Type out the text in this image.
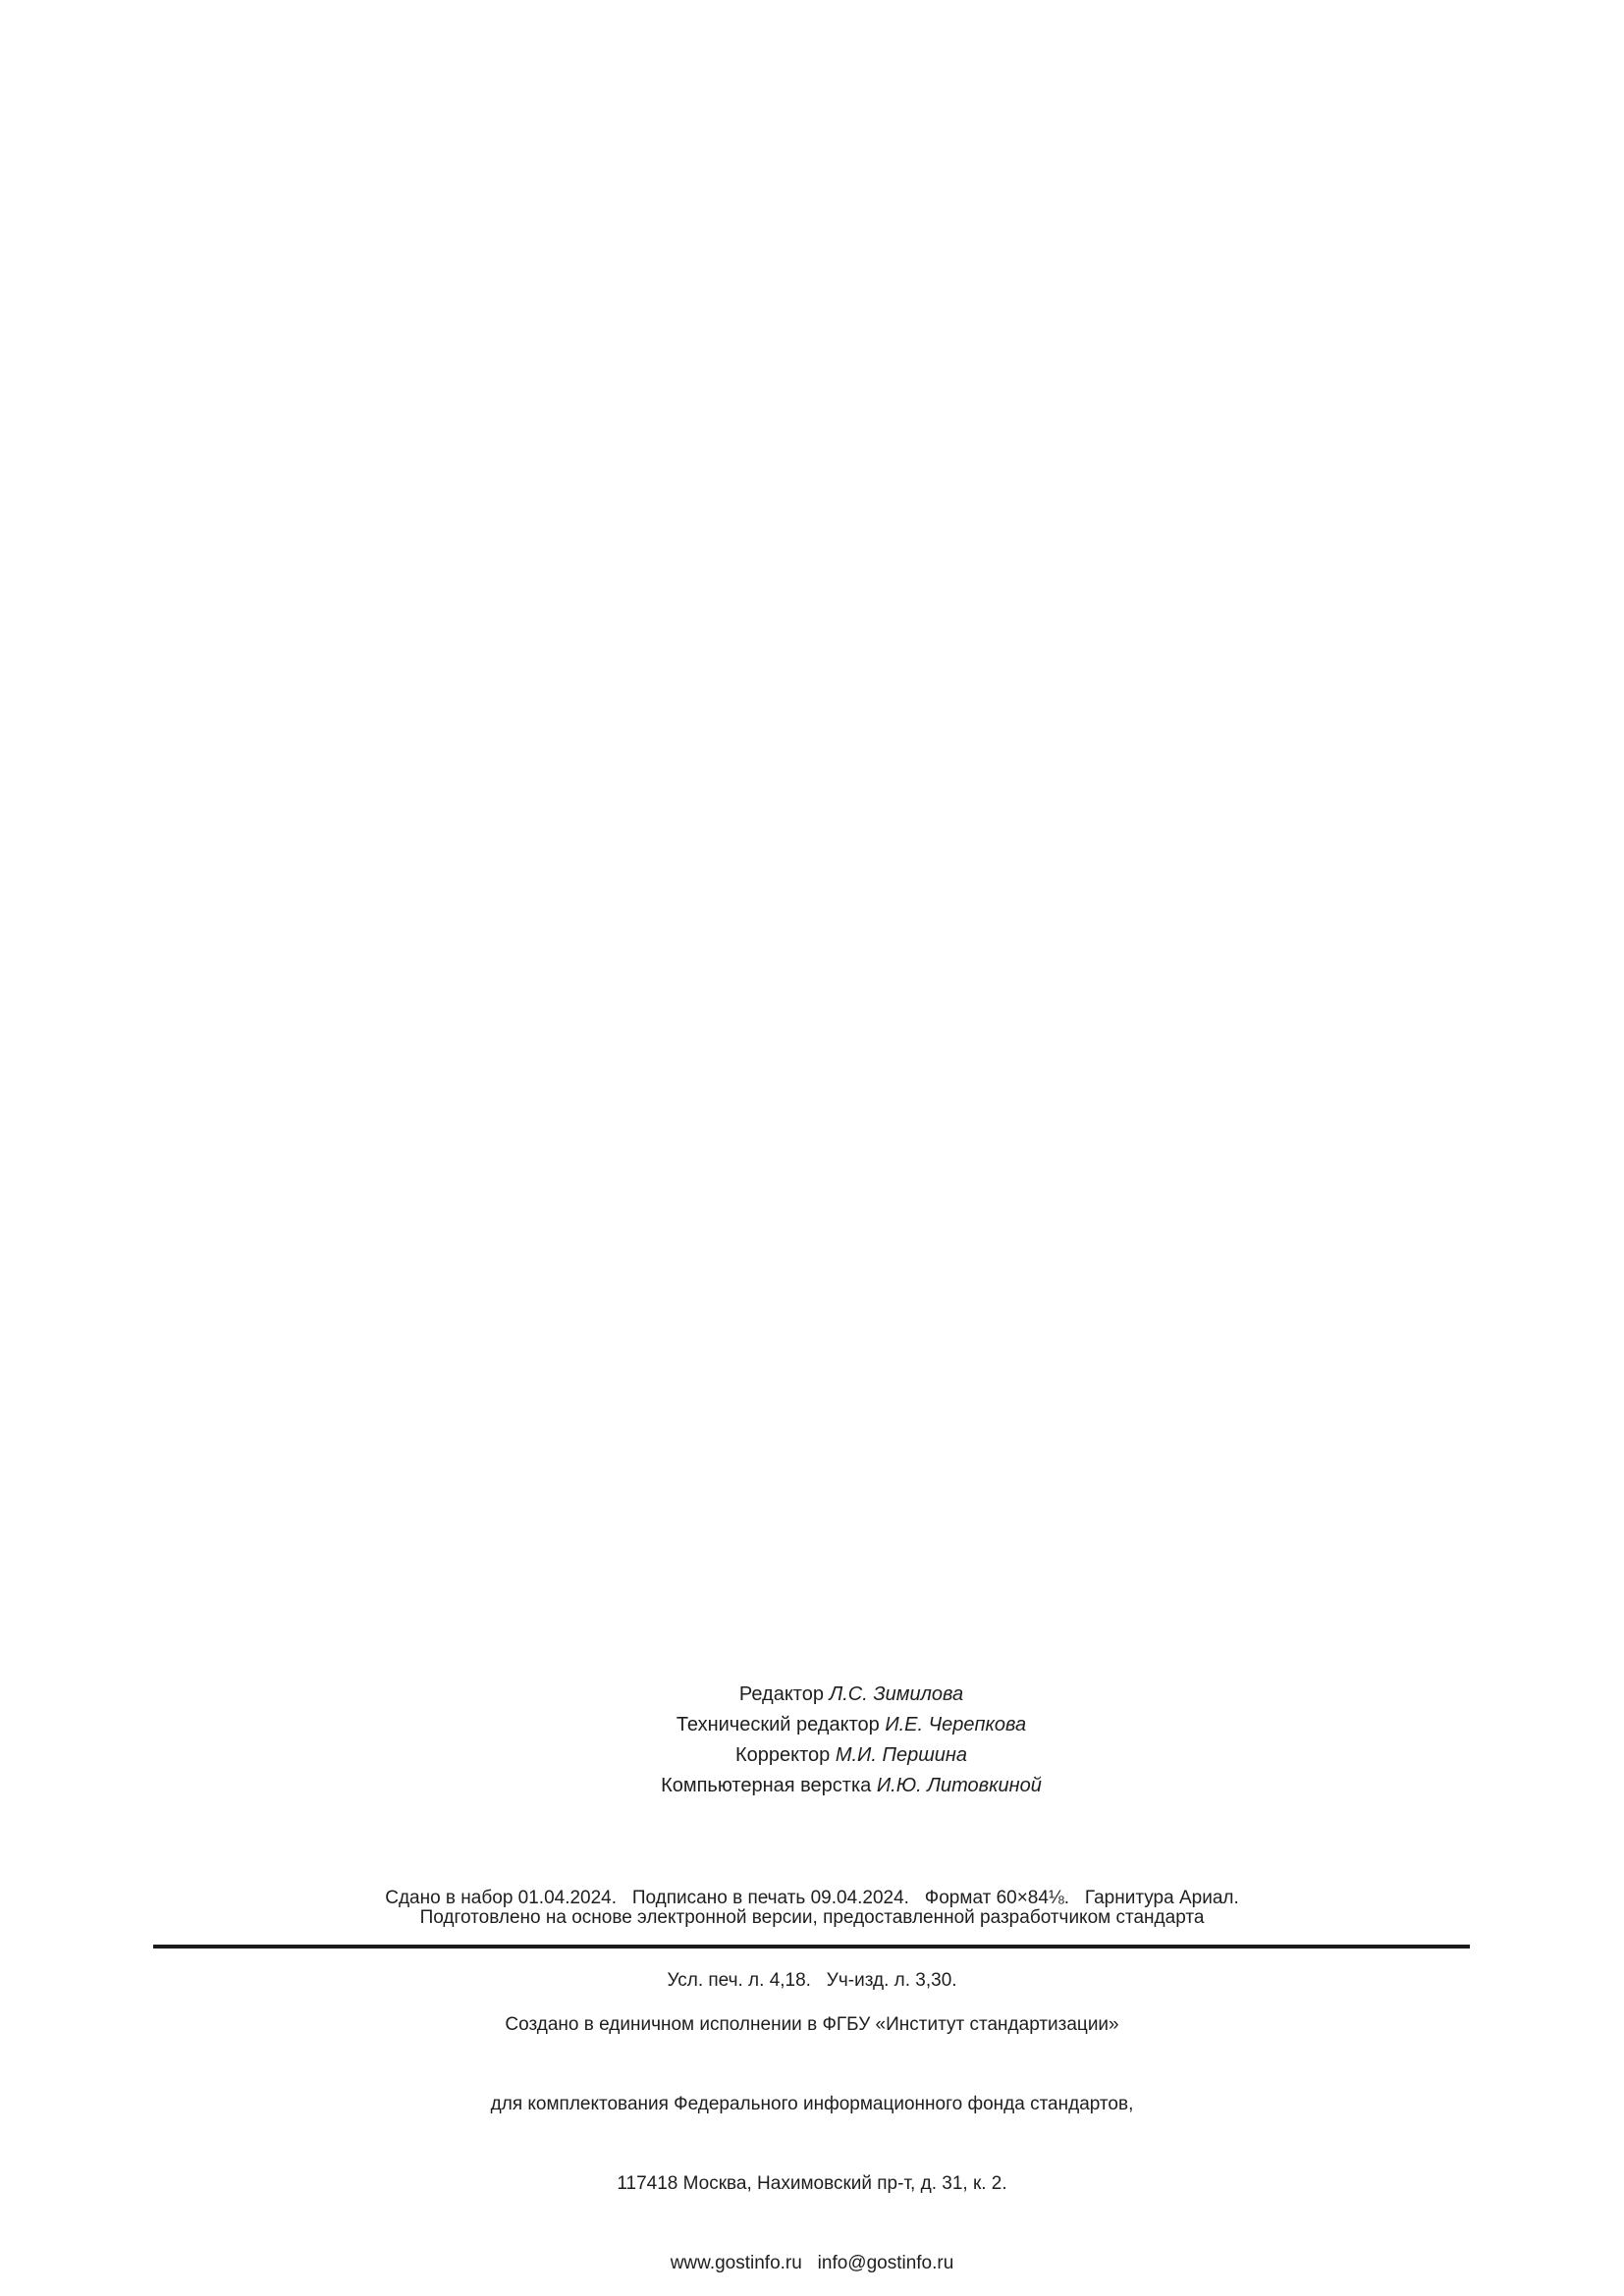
Редактор Л.С. Зимилова
Технический редактор И.Е. Черепкова
Корректор М.И. Першина
Компьютерная верстка И.Ю. Литовкиной

Сдано в набор 01.04.2024.   Подписано в печать 09.04.2024.   Формат 60×84⅛.   Гарнитура Ариал.

Усл. печ. л. 4,18.   Уч-изд. л. 3,30.

Подготовлено на основе электронной версии, предоставленной разработчиком стандарта

Создано в единичном исполнении в ФГБУ «Институт стандартизации»

для комплектования Федерального информационного фонда стандартов,

117418 Москва, Нахимовский пр-т, д. 31, к. 2.

www.gostinfo.ru   info@gostinfo.ru
